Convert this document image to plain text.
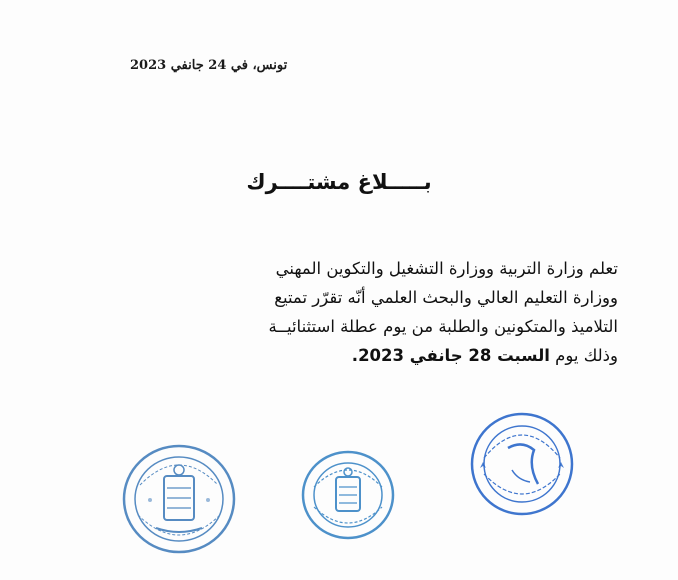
تونس، في 24 جانفي 2023
بـــــلاغ مشتــــرك
تعلم وزارة التربية ووزارة التشغيل والتكوين المهني
ووزارة التعليم العالي والبحث العلمي أنّه تقرّر تمتيع
التلاميذ والمتكونين والطلبة من يوم عطلة استثنائيــة
وذلك يوم السبت 28 جانفي 2023.
